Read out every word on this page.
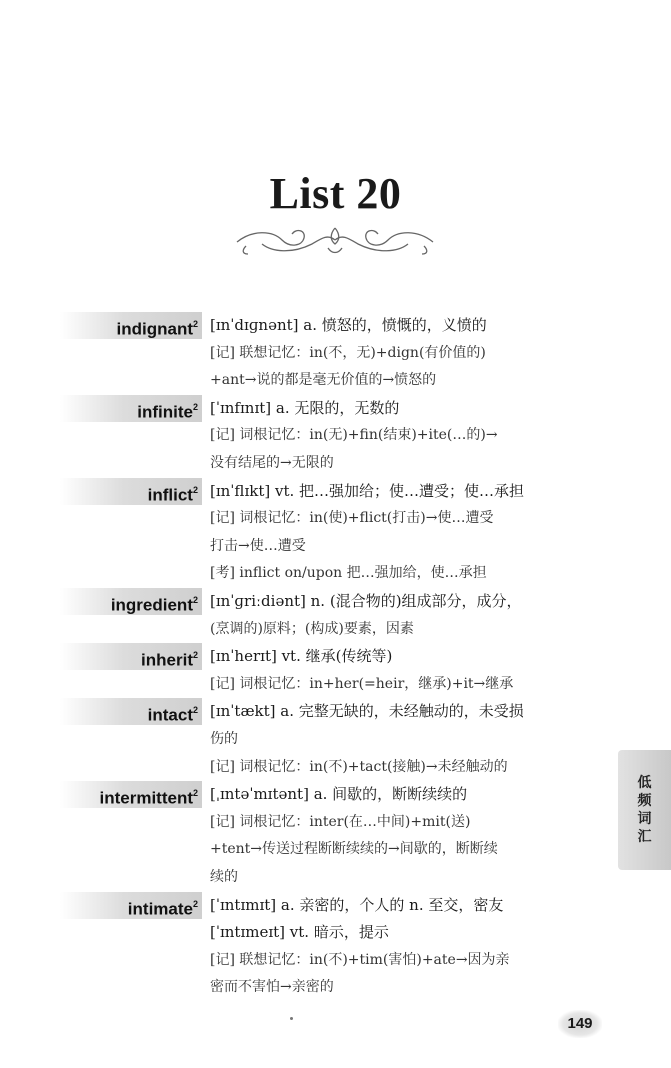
List 20
indignant$^2$ [ɪnˈdɪɡnənt] a. 愤怒的，愤慨的，义愤的
[记] 联想记忆：in(不，无)+dign(有价值的)
+ant→说的都是毫无价值的→愤怒的
infinite$^2$ [ˈɪnfɪnɪt] a. 无限的，无数的
[记] 词根记忆：in(无)+fin(结束)+ite(…的)→
没有结尾的→无限的
inflict$^2$ [ɪnˈflɪkt] vt. 把…强加给；使…遭受；使…承担
[记] 词根记忆：in(使)+flict(打击)→使…遭受
打击→使…遭受
[考] inflict on/upon 把…强加给，使…承担
ingredient$^2$ [ɪnˈɡriːdiənt] n. (混合物的)组成部分，成分，
(烹调的)原料；(构成)要素，因素
inherit$^2$ [ɪnˈherɪt] vt. 继承(传统等)
[记] 词根记忆：in+her(=heir，继承)+it→继承
intact$^2$ [ɪnˈtækt] a. 完整无缺的，未经触动的，未受损
伤的
[记] 词根记忆：in(不)+tact(接触)→未经触动的
intermittent$^2$ [ˌɪntəˈmɪtənt] a. 间歇的，断断续续的
[记] 词根记忆：inter(在…中间)+mit(送)
+tent→传送过程断断续续的→间歇的，断断续
续的
intimate$^2$ [ˈɪntɪmɪt] a. 亲密的，个人的 n. 至交，密友
[ˈɪntɪmeɪt] vt. 暗示，提示
[记] 联想记忆：in(不)+tim(害怕)+ate→因为亲
密而不害怕→亲密的
低频词汇
149
